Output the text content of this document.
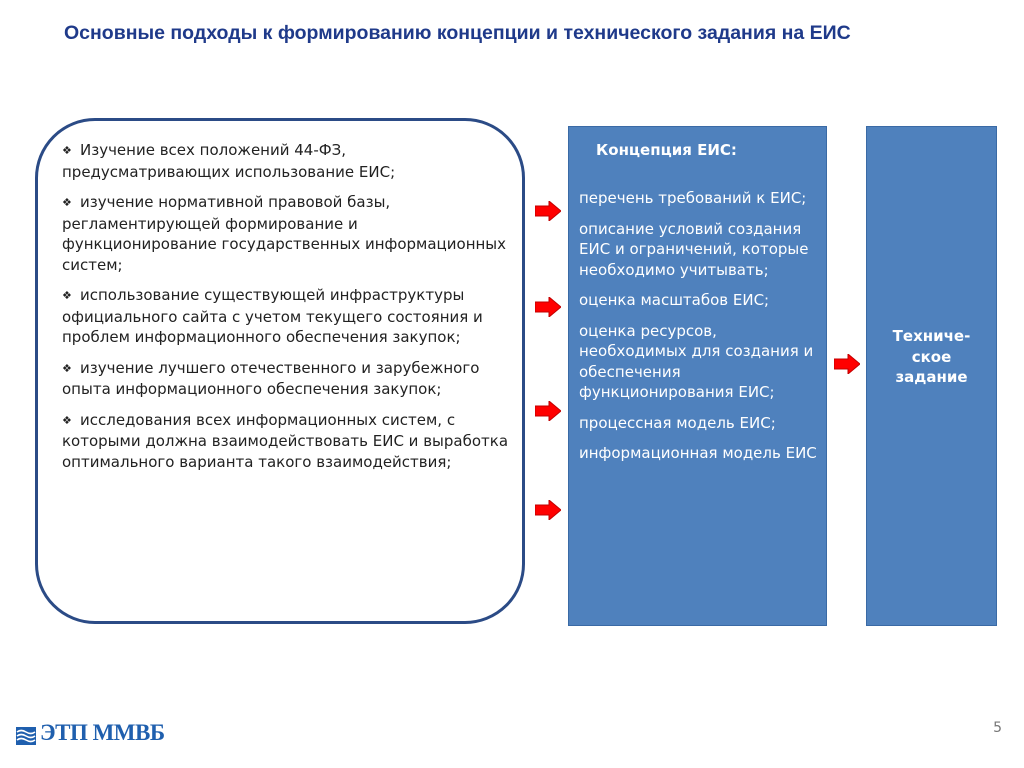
Основные подходы к формированию концепции и технического задания на ЕИС
❖ Изучение всех положений 44-ФЗ, предусматривающих использование ЕИС;
❖ изучение нормативной правовой базы, регламентирующей формирование и функционирование государственных информационных систем;
❖ использование существующей инфраструктуры официального сайта с учетом текущего состояния и проблем информационного обеспечения закупок;
❖ изучение лучшего отечественного и зарубежного опыта информационного обеспечения закупок;
❖ исследования всех информационных систем, с которыми должна взаимодействовать ЕИС и выработка оптимального варианта такого взаимодействия;
Концепция ЕИС:
перечень требований к ЕИС;
описание условий создания ЕИС и ограничений, которые необходимо учитывать;
оценка масштабов ЕИС;
оценка ресурсов, необходимых для создания и обеспечения функционирования ЕИС;
процессная модель ЕИС;
информационная модель ЕИС
Техниче-
ское
задание
ЭТП ММВБ	5
